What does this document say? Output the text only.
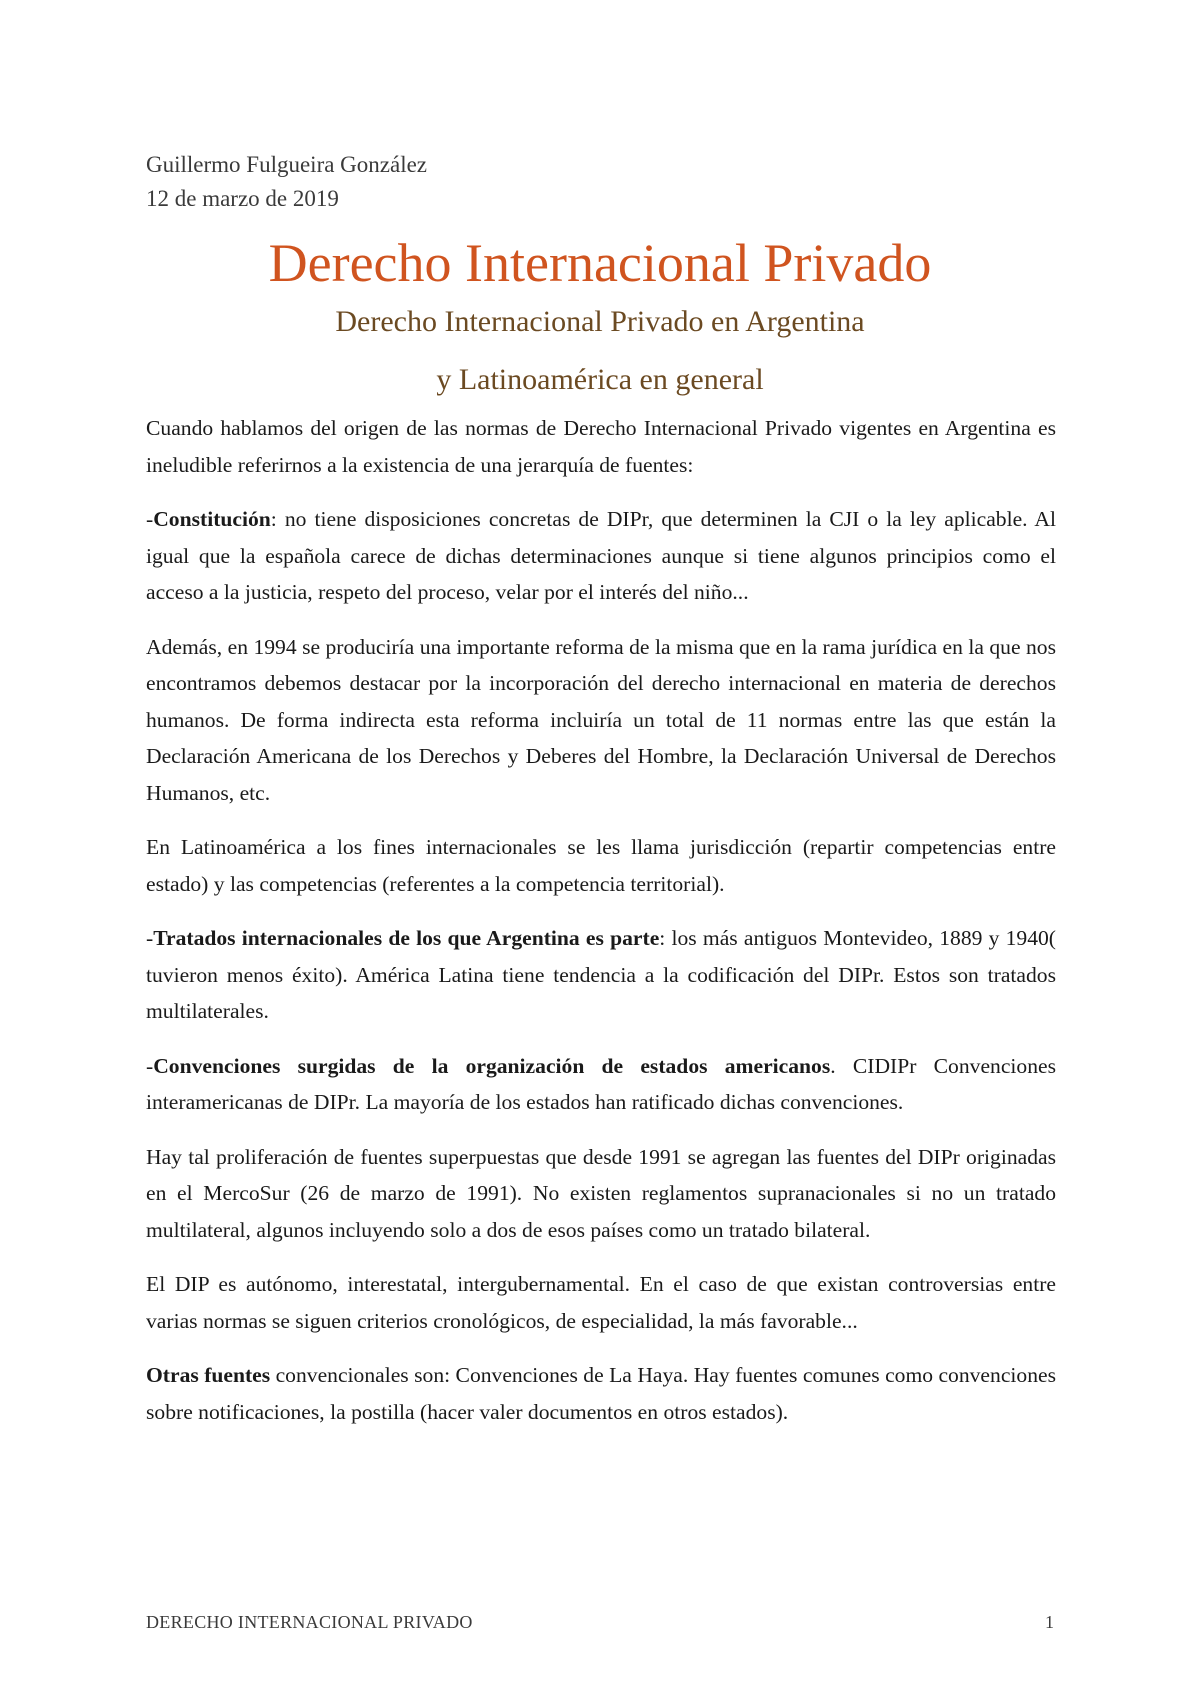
Guillermo Fulgueira González
12 de marzo de 2019
Derecho Internacional Privado
Derecho Internacional Privado en Argentina
y Latinoamérica en general

Cuando hablamos del origen de las normas de Derecho Internacional Privado vigentes en Argentina es ineludible referirnos a la existencia de una jerarquía de fuentes:

-Constitución: no tiene disposiciones concretas de DIPr, que determinen la CJI o la ley aplicable. Al igual que la española carece de dichas determinaciones aunque si tiene algunos principios como el acceso a la justicia, respeto del proceso, velar por el interés del niño...

Además, en 1994 se produciría una importante reforma de la misma que en la rama jurídica en la que nos encontramos debemos destacar por la incorporación del derecho internacional en materia de derechos humanos. De forma indirecta esta reforma incluiría un total de 11 normas entre las que están la Declaración Americana de los Derechos y Deberes del Hombre, la Declaración Universal de Derechos Humanos, etc.

En Latinoamérica a los fines internacionales se les llama jurisdicción (repartir competencias entre estado) y las competencias (referentes a la competencia territorial).

-Tratados internacionales de los que Argentina es parte: los más antiguos Montevideo, 1889 y 1940( tuvieron menos éxito). América Latina tiene tendencia a la codificación del DIPr. Estos son tratados multilaterales.

-Convenciones surgidas de la organización de estados americanos. CIDIPr Convenciones interamericanas de DIPr. La mayoría de los estados han ratificado dichas convenciones.

Hay tal proliferación de fuentes superpuestas que desde 1991 se agregan las fuentes del DIPr originadas en el MercoSur (26 de marzo de 1991). No existen reglamentos supranacionales si no un tratado multilateral, algunos incluyendo solo a dos de esos países como un tratado bilateral.

El DIP es autónomo, interestatal, intergubernamental. En el caso de que existan controversias entre varias normas se siguen criterios cronológicos, de especialidad, la más favorable...

Otras fuentes convencionales son: Convenciones de La Haya. Hay fuentes comunes como convenciones sobre notificaciones, la postilla (hacer valer documentos en otros estados).

DERECHO INTERNACIONAL PRIVADO	1
